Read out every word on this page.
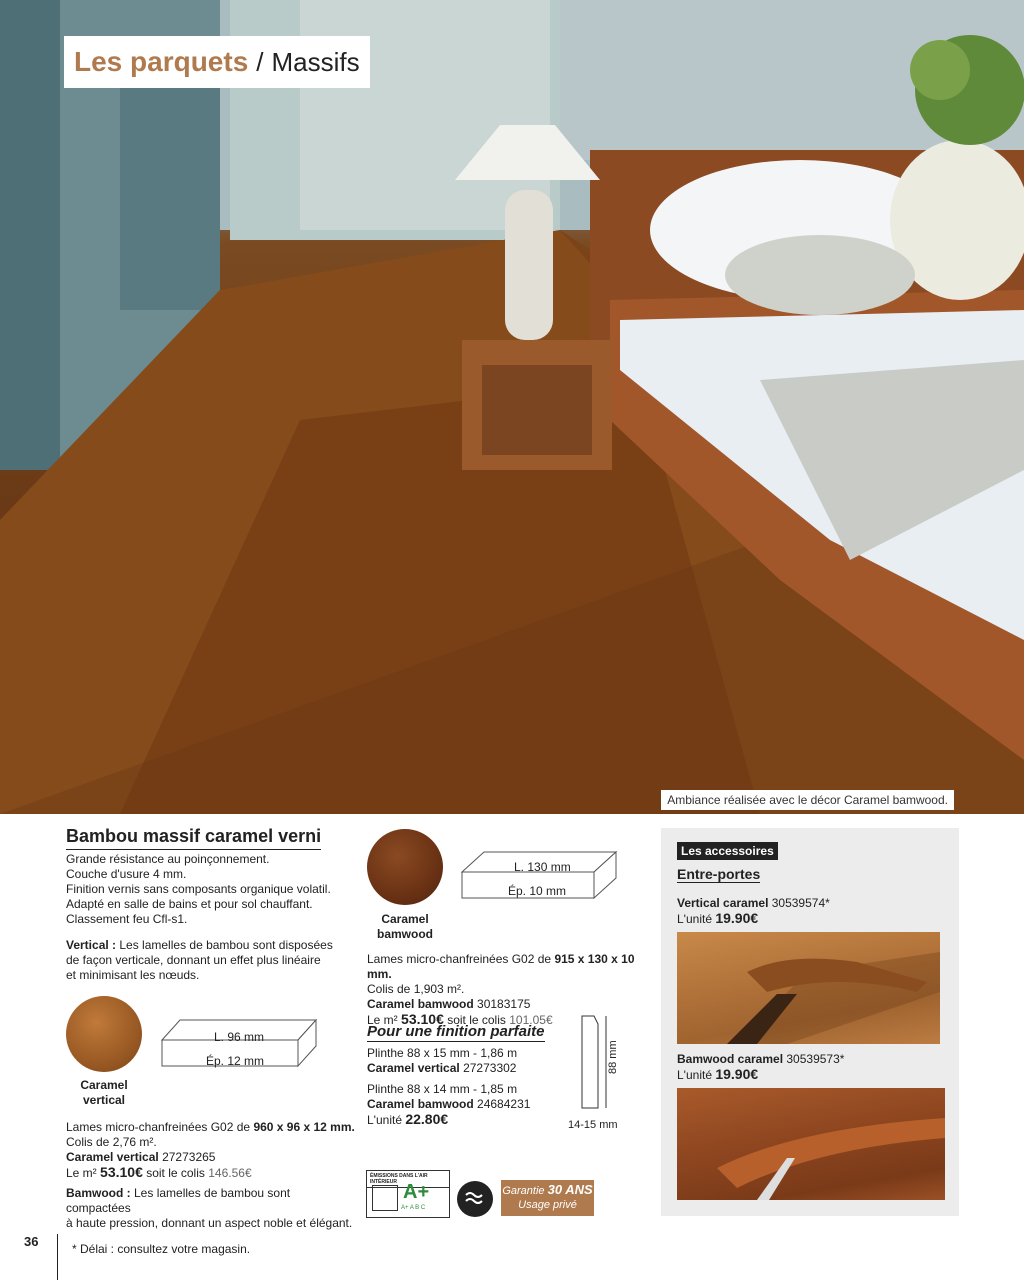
Les parquets / Massifs
Ambiance réalisée avec le décor Caramel bamwood.
Bambou massif caramel verni
Grande résistance au poinçonnement.
Couche d'usure 4 mm.
Finition vernis sans composants organique volatil.
Adapté en salle de bains et pour sol chauffant.
Classement feu Cfl-s1.
Vertical : Les lamelles de bambou sont disposées
de façon verticale, donnant un effet plus linéaire
et minimisant les nœuds.
Caramel
vertical
L. 96 mm
Ép. 12 mm
Lames micro-chanfreinées G02 de 960 x 96 x 12 mm.
Colis de 2,76 m².
Caramel vertical 27273265
Le m² 53.10€ soit le colis 146.56€
Bamwood : Les lamelles de bambou sont compactées
à haute pression, donnant un aspect noble et élégant.
Caramel
bamwood
L. 130 mm
Ép. 10 mm
Lames micro-chanfreinées G02 de 915 x 130 x 10 mm.
Colis de 1,903 m².
Caramel bamwood 30183175
Le m² 53.10€ soit le colis 101.05€
Pour une finition parfaite
Plinthe 88 x 15 mm - 1,86 m
Caramel vertical 27273302
Plinthe 88 x 14 mm - 1,85 m
Caramel bamwood 24684231
L'unité 22.80€
88 mm
14-15 mm
ÉMISSIONS DANS L'AIR INTÉRIEUR A+
A+ A B C
Garantie 30 ANS
Usage privé
Les accessoires
Entre-portes
Vertical caramel 30539574*
L'unité 19.90€
Bamwood caramel 30539573*
L'unité 19.90€
36	* Délai : consultez votre magasin.
